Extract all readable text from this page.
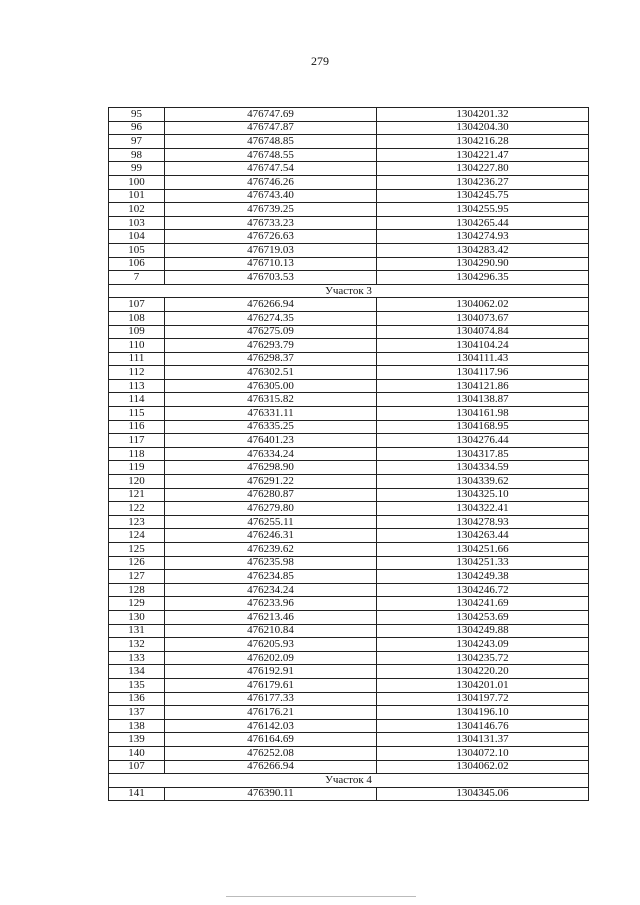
279
95	476747.69	1304201.32
96	476747.87	1304204.30
97	476748.85	1304216.28
98	476748.55	1304221.47
99	476747.54	1304227.80
100	476746.26	1304236.27
101	476743.40	1304245.75
102	476739.25	1304255.95
103	476733.23	1304265.44
104	476726.63	1304274.93
105	476719.03	1304283.42
106	476710.13	1304290.90
7	476703.53	1304296.35
Участок 3		
107	476266.94	1304062.02
108	476274.35	1304073.67
109	476275.09	1304074.84
110	476293.79	1304104.24
111	476298.37	1304111.43
112	476302.51	1304117.96
113	476305.00	1304121.86
114	476315.82	1304138.87
115	476331.11	1304161.98
116	476335.25	1304168.95
117	476401.23	1304276.44
118	476334.24	1304317.85
119	476298.90	1304334.59
120	476291.22	1304339.62
121	476280.87	1304325.10
122	476279.80	1304322.41
123	476255.11	1304278.93
124	476246.31	1304263.44
125	476239.62	1304251.66
126	476235.98	1304251.33
127	476234.85	1304249.38
128	476234.24	1304246.72
129	476233.96	1304241.69
130	476213.46	1304253.69
131	476210.84	1304249.88
132	476205.93	1304243.09
133	476202.09	1304235.72
134	476192.91	1304220.20
135	476179.61	1304201.01
136	476177.33	1304197.72
137	476176.21	1304196.10
138	476142.03	1304146.76
139	476164.69	1304131.37
140	476252.08	1304072.10
107	476266.94	1304062.02
Участок 4		
141	476390.11	1304345.06
